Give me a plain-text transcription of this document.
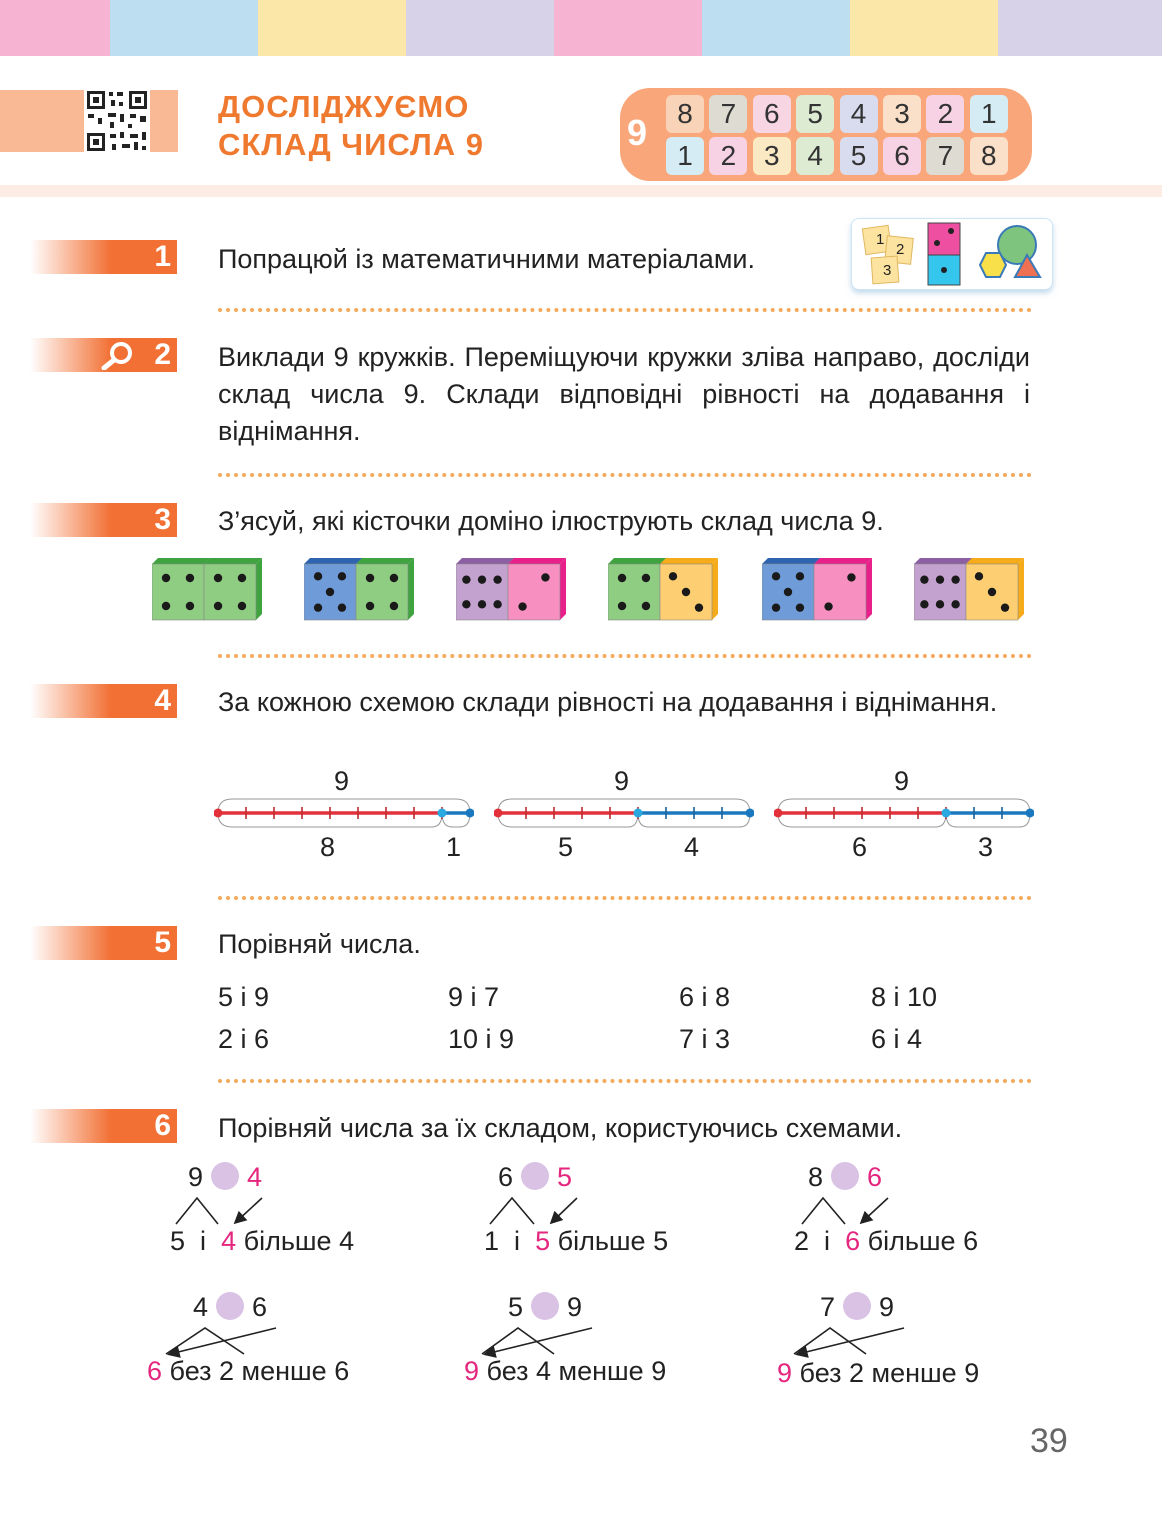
ДОСЛІДЖУЄМО
СКЛАД ЧИСЛА 9	9	8 7 6 5 4 3 2 1
1 2 3 4 5 6 7 8
1 Попрацюй із математичними матеріалами.

1
2
3
2 Виклади 9 кружків. Переміщуючи кружки зліва направо, досліди склад числа 9. Склади відповідні рівності на додавання і віднімання.

3 З’ясуй, які кісточки доміно ілюструють склад числа 9.

4 За кожною схемою склади рівності на додавання і віднімання.

9
8	1
9
5	4
9
6	3
5 Порівняй числа.

5 і 9	9 і 7	6 і 8	8 і 10
2 і 6	10 і 9	7 і 3	6 і 4
6 Порівняй числа за їх складом, користуючись схемами.

9 4	6 5	8 6
5 і 4 більше 4	1 і 5 більше 5	2 і 6 більше 6
4 6	5 9	7 9
6 без 2 менше 6	9 без 4 менше 9	9 без 2 менше 9
39
